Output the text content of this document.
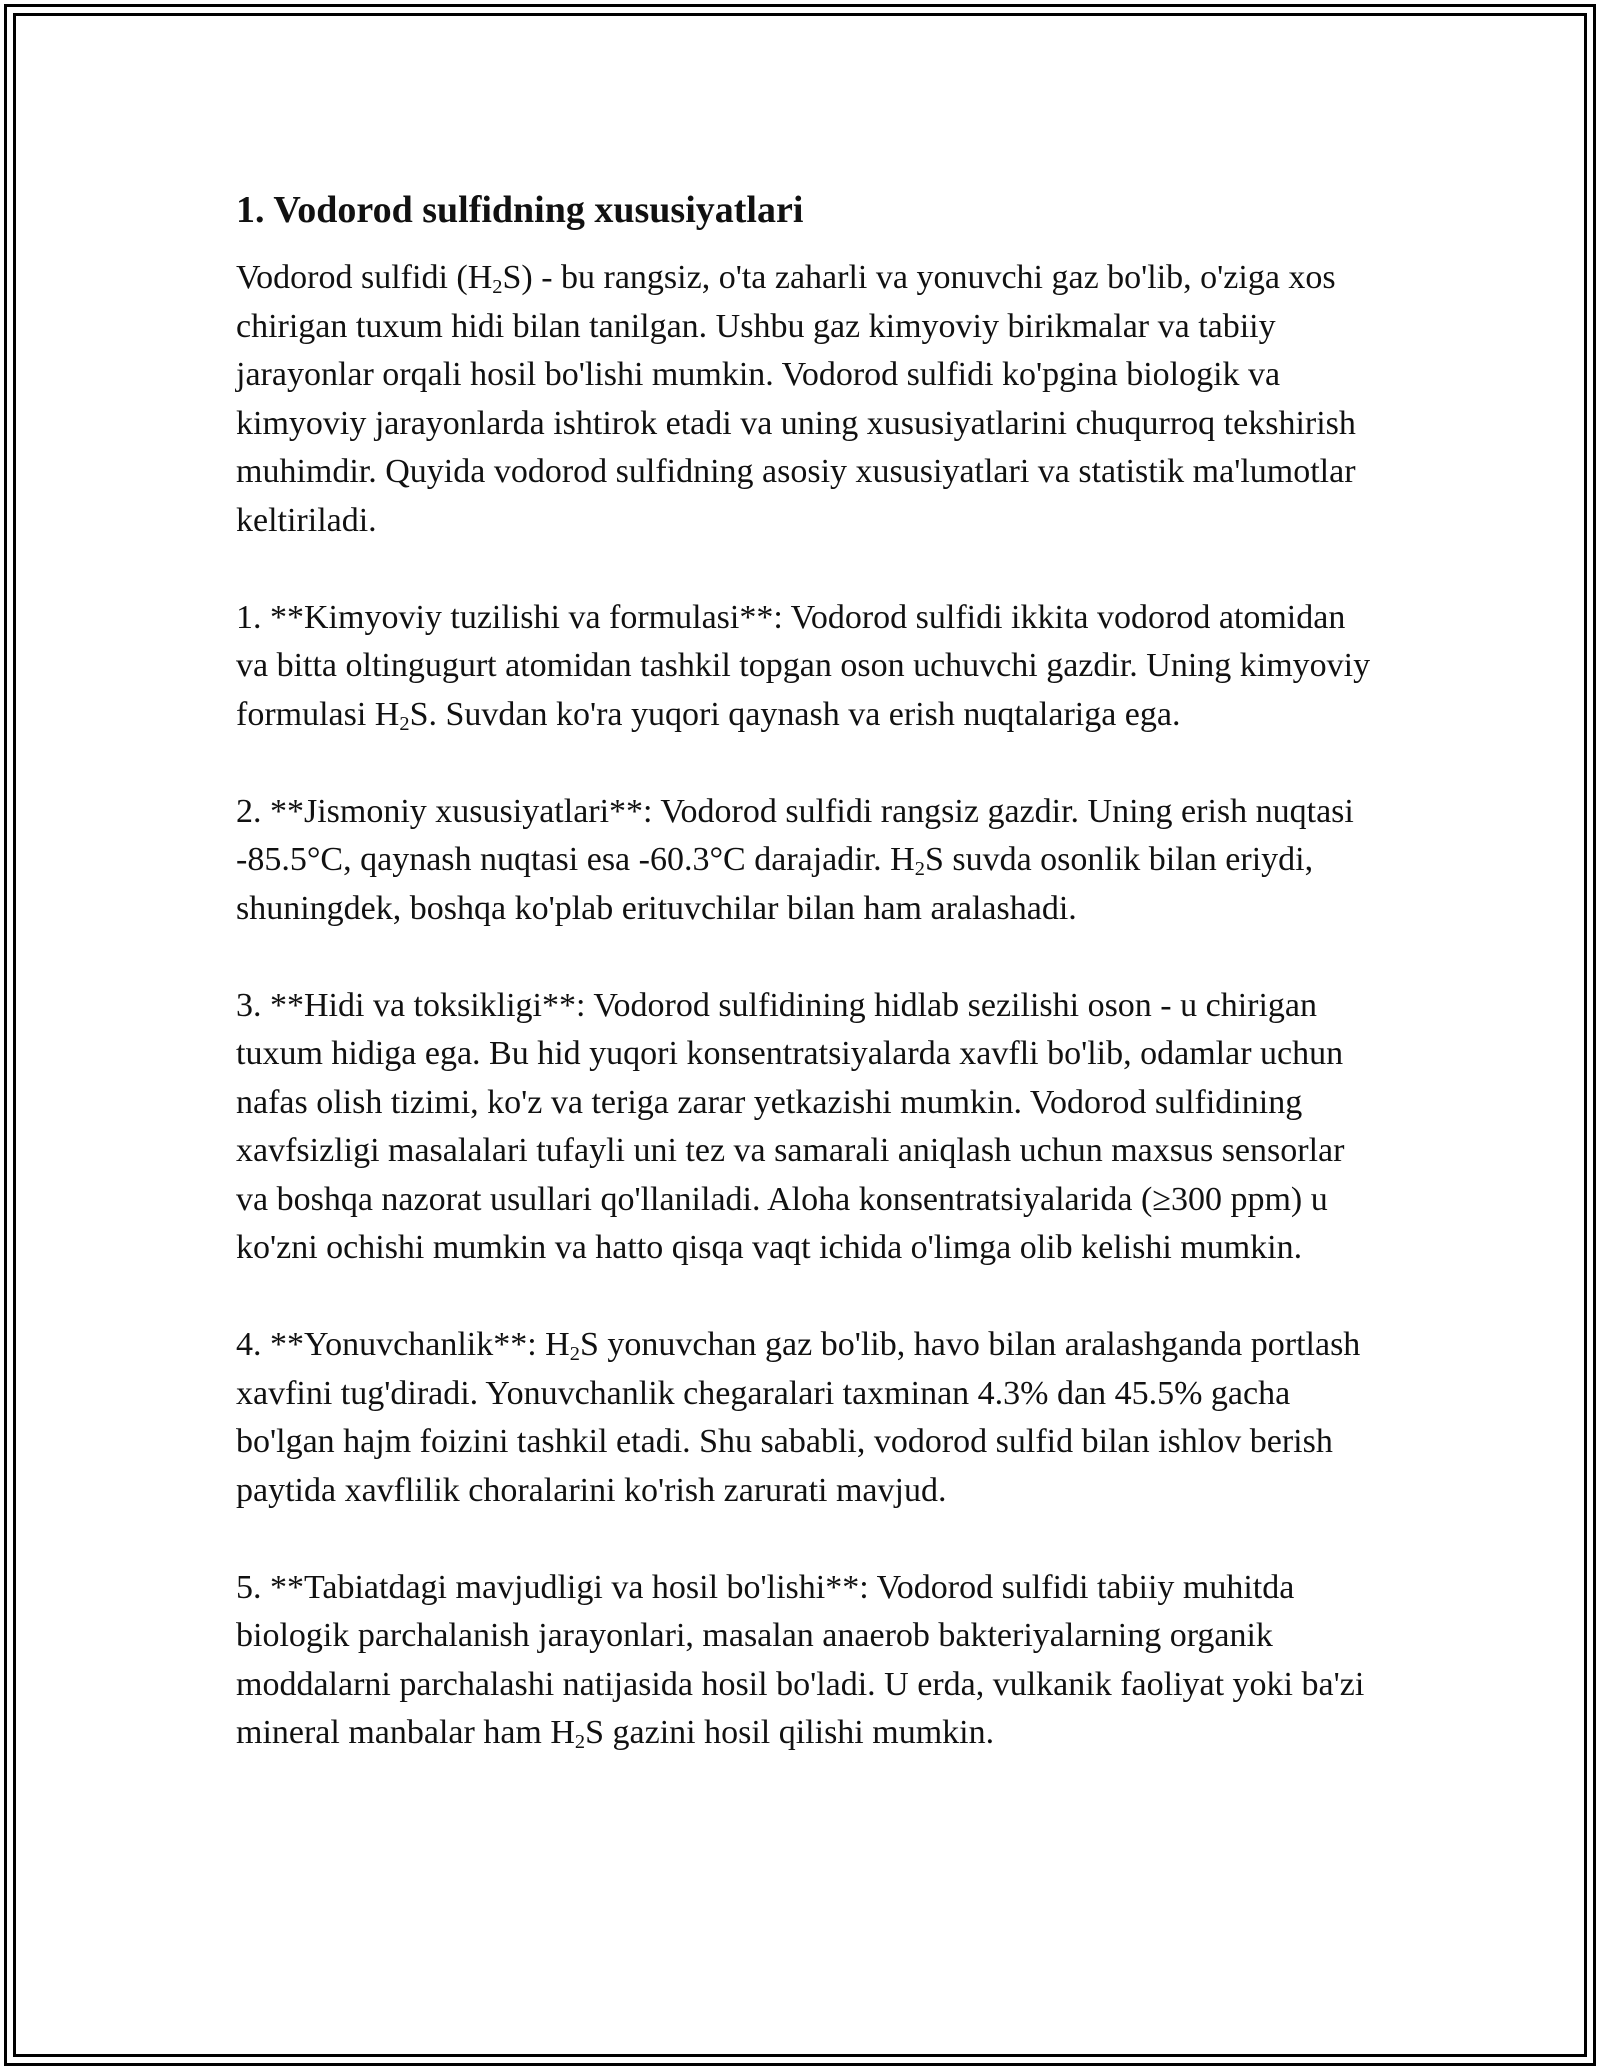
1. Vodorod sulfidning xususiyatlari

Vodorod sulfidi $(H_2S)$ - bu rangsiz, o'ta zaharli va yonuvchi gaz bo'lib, o'ziga xos chirigan tuxum hidi bilan tanilgan. Ushbu gaz kimyoviy birikmalar va tabiiy jarayonlar orqali hosil bo'lishi mumkin. Vodorod sulfidi ko'pgina biologik va kimyoviy jarayonlarda ishtirok etadi va uning xususiyatlarini chuqurroq tekshirish muhimdir. Quyida vodorod sulfidning asosiy xususiyatlari va statistik ma'lumotlar keltiriladi.

1. **Kimyoviy tuzilishi va formulasi**: Vodorod sulfidi ikkita vodorod atomidan va bitta oltingugurt atomidan tashkil topgan oson uchuvchi gazdir. Uning kimyoviy formulasi $H_2S$. Suvdan ko'ra yuqori qaynash va erish nuqtalariga ega.

2. **Jismoniy xususiyatlari**: Vodorod sulfidi rangsiz gazdir. Uning erish nuqtasi -85.5°C, qaynash nuqtasi esa -60.3°C darajadir. $H_2S$ suvda osonlik bilan eriydi, shuningdek, boshqa ko'plab erituvchilar bilan ham aralashadi.

3. **Hidi va toksikligi**: Vodorod sulfidining hidlab sezilishi oson - u chirigan tuxum hidiga ega. Bu hid yuqori konsentratsiyalarda xavfli bo'lib, odamlar uchun nafas olish tizimi, ko'z va teriga zarar yetkazishi mumkin. Vodorod sulfidining xavfsizligi masalalari tufayli uni tez va samarali aniqlash uchun maxsus sensorlar va boshqa nazorat usullari qo'llaniladi. Aloha konsentratsiyalarida (≥300 ppm) u ko'zni ochishi mumkin va hatto qisqa vaqt ichida o'limga olib kelishi mumkin.

4. **Yonuvchanlik**: $H_2S$ yonuvchan gaz bo'lib, havo bilan aralashganda portlash xavfini tug'diradi. Yonuvchanlik chegaralari taxminan 4.3% dan 45.5% gacha bo'lgan hajm foizini tashkil etadi. Shu sababli, vodorod sulfid bilan ishlov berish paytida xavflilik choralarini ko'rish zarurati mavjud.

5. **Tabiatdagi mavjudligi va hosil bo'lishi**: Vodorod sulfidi tabiiy muhitda biologik parchalanish jarayonlari, masalan anaerob bakteriyalarning organik moddalarni parchalashi natijasida hosil bo'ladi. U erda, vulkanik faoliyat yoki ba'zi mineral manbalar ham $H_2S$ gazini hosil qilishi mumkin.
